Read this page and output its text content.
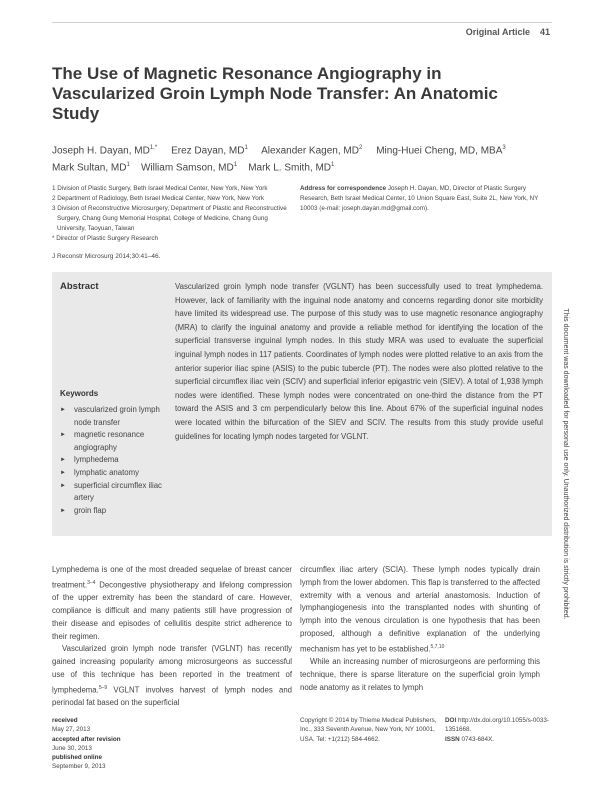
Original Article 41
The Use of Magnetic Resonance Angiography in Vascularized Groin Lymph Node Transfer: An Anatomic Study
Joseph H. Dayan, $MD^{1,*}$ Erez Dayan, $MD^1$ Alexander Kagen, $MD^2$ Ming-Huei Cheng, MD, MBA$^3$
Mark Sultan, $MD^1$ William Samson, $MD^1$ Mark L. Smith, $MD^1$
1 Division of Plastic Surgery, Beth Israel Medical Center, New York, New York
2 Department of Radiology, Beth Israel Medical Center, New York, New York
3 Division of Reconstructive Microsurgery, Department of Plastic and Reconstructive Surgery, Chang Gung Memorial Hospital, College of Medicine, Chang Gung University, Taoyuan, Taiwan
* Director of Plastic Surgery Research
Address for correspondence Joseph H. Dayan, MD, Director of Plastic Surgery Research, Beth Israel Medical Center, 10 Union Square East, Suite 2L, New York, NY 10003 (e-mail: joseph.dayan.md@gmail.com).
J Reconstr Microsurg 2014;30:41–46.
Abstract	Vascularized groin lymph node transfer (VGLNT) has been successfully used to treat lymphedema. However, lack of familiarity with the inguinal node anatomy and concerns regarding donor site morbidity have limited its widespread use. The purpose of this study was to use magnetic resonance angiography (MRA) to clarify the inguinal anatomy and provide a reliable method for identifying the location of the superficial transverse inguinal lymph nodes. In this study MRA was used to evaluate the superficial inguinal lymph nodes in 117 patients. Coordinates of lymph nodes were plotted relative to an axis from the anterior superior iliac spine (ASIS) to the pubic tubercle (PT). The nodes were also plotted relative to the superficial circumflex iliac vein (SCIV) and superficial inferior epigastric vein (SIEV). A total of 1,938 lymph nodes were identified. These lymph nodes were concentrated on one-third the distance from the PT toward the ASIS and 3 cm perpendicularly below this line. About 67% of the superficial inguinal nodes were located within the bifurcation of the SIEV and SCIV. The results from this study provide useful guidelines for locating lymph nodes targeted for VGLNT.

Keywords
► vascularized groin lymph node transfer
► magnetic resonance angiography
► lymphedema
► lymphatic anatomy
► superficial circumflex iliac artery
► groin flap

Lymphedema is one of the most dreaded sequelae of breast cancer treatment.$^{3-4}$ Decongestive physiotherapy and lifelong compression of the upper extremity has been the standard of care. However, compliance is difficult and many patients still have progression of their disease and episodes of cellulitis despite strict adherence to their regimen.

Vascularized groin lymph node transfer (VGLNT) has recently gained increasing popularity among microsurgeons as successful use of this technique has been reported in the treatment of lymphedema.$^{5-9}$ VGLNT involves harvest of lymph nodes and perinodal fat based on the superficial

circumflex iliac artery (SCIA). These lymph nodes typically drain lymph from the lower abdomen. This flap is transferred to the affected extremity with a venous and arterial anastomosis. Induction of lymphangiogenesis into the transplanted nodes with shunting of lymph into the venous circulation is one hypothesis that has been proposed, although a definitive explanation of the underlying mechanism has yet to be established.$^{5,7,10}$

While an increasing number of microsurgeons are performing this technique, there is sparse literature on the superficial groin lymph node anatomy as it relates to lymph

received
May 27, 2013
accepted after revision
June 30, 2013
published online
September 9, 2013
Copyright © 2014 by Thieme Medical Publishers, Inc., 333 Seventh Avenue, New York, NY 10001, USA. Tel: +1(212) 584-4662.
DOI http://dx.doi.org/10.1055/s-0033-1351668.
ISSN 0743-684X.
This document was downloaded for personal use only. Unauthorized distribution is strictly prohibited.
